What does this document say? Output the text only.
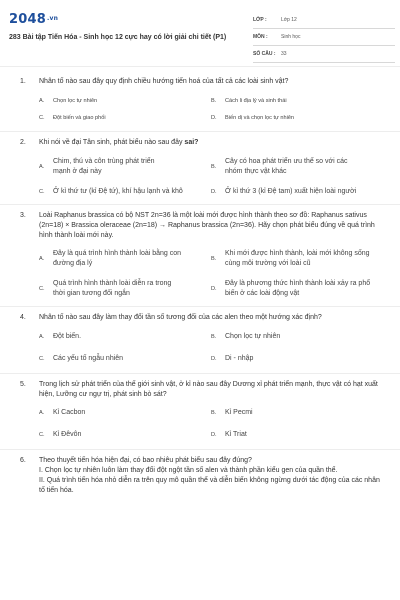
$2048^{.vn}$
283 Bài tập Tiến Hóa - Sinh học 12 cực hay có lời giải chi tiết (P1)
LỚP :	Lớp 12
MÔN :	Sinh học
SỐ CÂU :	33
1. Nhân tố nào sau đây quy định chiều hướng tiến hoá của tất cả các loài sinh vật?
A.	Chọn lọc tự nhiên	B.	Cách li địa lý và sinh thái
C.	Đột biến và giao phối	D.	Biến dị và chọn lọc tự nhiên
2. Khi nói về đại Tân sinh, phát biểu nào sau đây sai?
A.
Chim, thú và côn trùng phát triển mạnh ở đại này
B.
Cây có hoa phát triển ưu thế so với các nhóm thực vật khác
C.	Ở kỉ thứ tư (kỉ Đệ tứ), khí hậu lạnh và khô	D.	Ở kỉ thứ 3 (kỉ Đệ tam) xuất hiện loài người
3. Loài Raphanus brassica có bộ NST 2n=36 là một loài mới được hình thành theo sơ đồ: Raphanus sativus (2n=18) × Brassica oleraceae (2n=18) → Raphanus brassica (2n=36). Hãy chọn phát biểu đúng về quá trình hình thành loài mới này.
A.
Đây là quá trình hình thành loài bằng con đường địa lý
B.
Khi mới được hình thành, loài mới không sống cùng môi trường với loài cũ
C.
Quá trình hình thành loài diễn ra trong thời gian tương đối ngắn
D.
Đây là phương thức hình thành loài xảy ra phổ biến ở các loài động vật
4. Nhân tố nào sau đây làm thay đổi tần số tương đối của các alen theo một hướng xác định?
A.	Đột biến.	B.	Chọn lọc tự nhiên
C.	Các yếu tố ngẫu nhiên	D.	Di - nhập
5. Trong lịch sử phát triển của thế giới sinh vật, ở kỉ nào sau đây Dương xỉ phát triển mạnh, thực vật có hạt xuất hiện, Lưỡng cư ngự trị, phát sinh bò sát?
A.	Kỉ Cacbon	B.	Kỉ Pecmi
C.	Kỉ Đêvôn	D.	Kỉ Triat
6. Theo thuyết tiến hóa hiện đại, có bao nhiêu phát biểu sau đây đúng?
I. Chọn lọc tự nhiên luôn làm thay đổi đột ngột tần số alen và thành phần kiểu gen của quần thể.
II. Quá trình tiến hóa nhỏ diễn ra trên quy mô quần thể và diễn biến không ngừng dưới tác động của các nhân tố tiến hóa.
